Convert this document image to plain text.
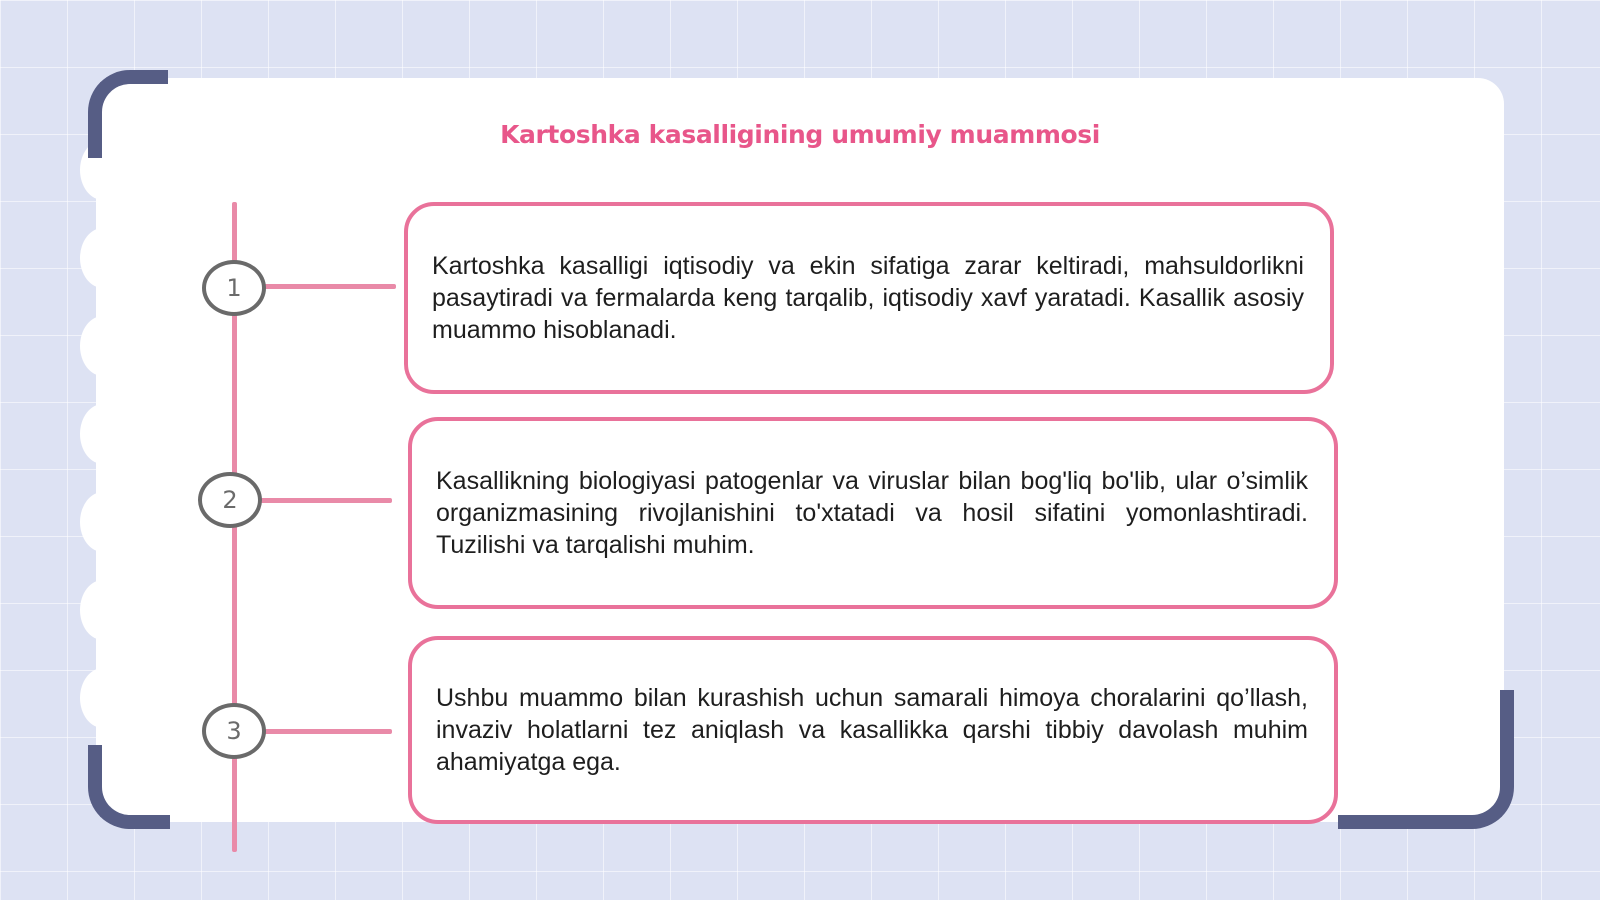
Kartoshka kasalligining umumiy muammosi
1
Kartoshka kasalligi iqtisodiy va ekin sifatiga zarar keltiradi, mahsuldorlikni pasaytiradi va fermalarda keng tarqalib, iqtisodiy xavf yaratadi. Kasallik asosiy muammo hisoblanadi.
2
Kasallikning biologiyasi patogenlar va viruslar bilan bog'liq bo'lib, ular o’simlik organizmasining rivojlanishini to'xtatadi va hosil sifatini yomonlashtiradi. Tuzilishi va tarqalishi muhim.
3
Ushbu muammo bilan kurashish uchun samarali himoya choralarini qo’llash, invaziv holatlarni tez aniqlash va kasallikka qarshi tibbiy davolash muhim ahamiyatga ega.
